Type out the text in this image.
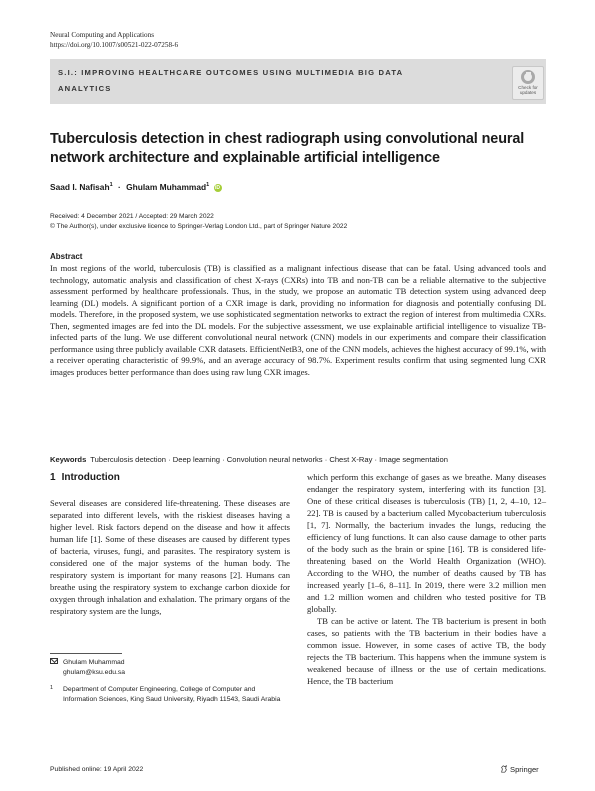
Neural Computing and Applications
https://doi.org/10.1007/s00521-022-07258-6
S.I.: IMPROVING HEALTHCARE OUTCOMES USING MULTIMEDIA BIG DATA ANALYTICS	Check for
updates
Tuberculosis detection in chest radiograph using convolutional neural network architecture and explainable artificial intelligence
Saad I. Nafisah$^1$ · Ghulam Muhammad$^1$ iD
Received: 4 December 2021 / Accepted: 29 March 2022
© The Author(s), under exclusive licence to Springer-Verlag London Ltd., part of Springer Nature 2022
Abstract
In most regions of the world, tuberculosis (TB) is classified as a malignant infectious disease that can be fatal. Using advanced tools and technology, automatic analysis and classification of chest X-rays (CXRs) into TB and non-TB can be a reliable alternative to the subjective assessment performed by healthcare professionals. Thus, in the study, we propose an automatic TB detection system using advanced deep learning (DL) models. A significant portion of a CXR image is dark, providing no information for diagnosis and potentially confusing DL models. Therefore, in the proposed system, we use sophisticated segmentation networks to extract the region of interest from multimedia CXRs. Then, segmented images are fed into the DL models. For the subjective assessment, we use explainable artificial intelligence to visualize TB-infected parts of the lung. We use different convolutional neural network (CNN) models in our experiments and compare their classification performance using three publicly available CXR datasets. EfficientNetB3, one of the CNN models, achieves the highest accuracy of 99.1%, with a receiver operating characteristic of 99.9%, and an average accuracy of 98.7%. Experiment results confirm that using segmented lung CXR images produces better performance than does using raw lung CXR images.
Keywords Tuberculosis detection · Deep learning · Convolution neural networks · Chest X-Ray · Image segmentation
1 Introduction

Several diseases are considered life-threatening. These diseases are separated into different levels, with the riskiest diseases having a higher level. Risk factors depend on the disease and how it affects human life [1]. Some of these diseases are caused by different types of bacteria, viruses, fungi, and parasites. The respiratory system is considered one of the major systems of the human body. The respiratory system is important for many reasons [2]. Humans can breathe using the respiratory system to exchange carbon dioxide for oxygen through inhalation and exhalation. The primary organs of the respiratory system are the lungs,

which perform this exchange of gases as we breathe. Many diseases endanger the respiratory system, interfering with its function [3]. One of these critical diseases is tuberculosis (TB) [1, 2, 4–10, 12–22]. TB is caused by a bacterium called Mycobacterium tuberculosis [1, 7]. Normally, the bacterium invades the lungs, reducing the efficiency of lung functions. It can also cause damage to other parts of the body such as the brain or spine [16]. TB is considered life-threatening based on the World Health Organization (WHO). According to the WHO, the number of deaths caused by TB has increased yearly [1–6, 8–11]. In 2019, there were 3.2 million men and 1.2 million women and children who tested positive for TB globally.

TB can be active or latent. The TB bacterium is present in both cases, so patients with the TB bacterium in their bodies have a common issue. However, in some cases of active TB, the body rejects the TB bacterium. This happens when the immune system is weakened because of illness or the use of certain medications. Hence, the TB bacterium

Ghulam Muhammad
ghulam@ksu.edu.sa
1 Department of Computer Engineering, College of Computer and Information Sciences, King Saud University, Riyadh 11543, Saudi Arabia
Published online: 19 April 2022	Springer
